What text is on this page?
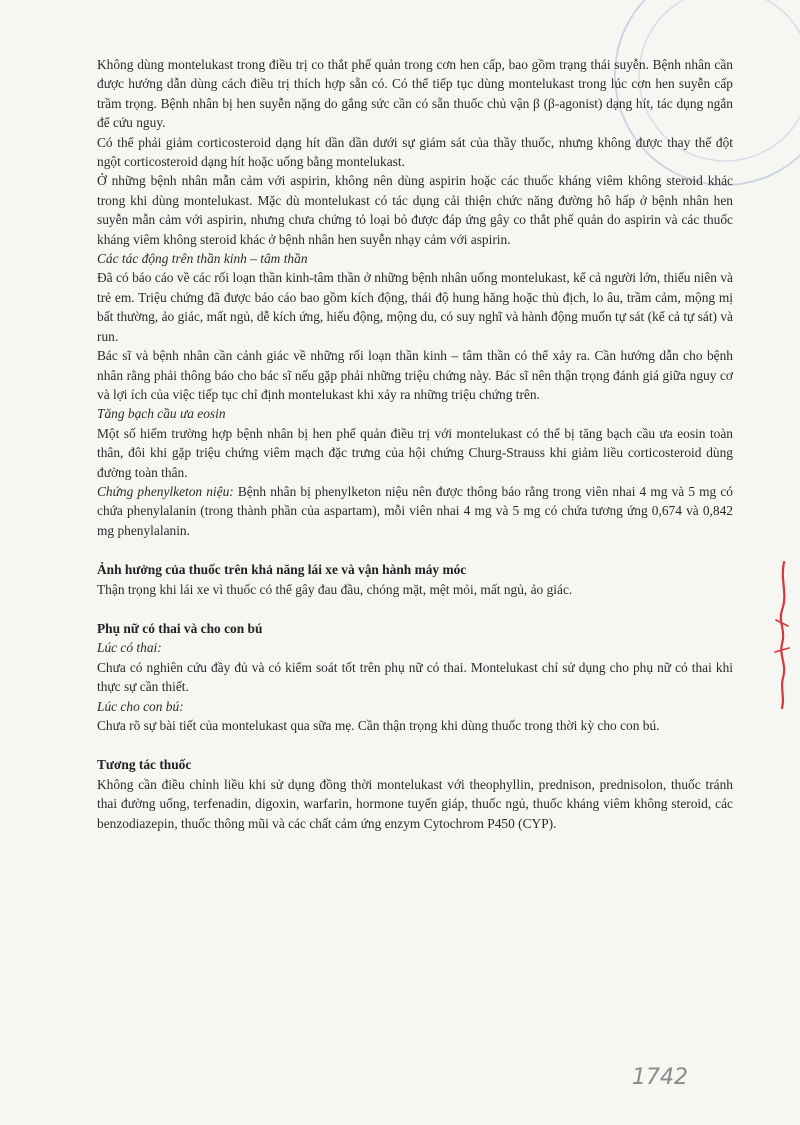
Không dùng montelukast trong điều trị co thắt phế quản trong cơn hen cấp, bao gồm trạng thái suyễn. Bệnh nhân cần được hướng dẫn dùng cách điều trị thích hợp sẵn có. Có thể tiếp tục dùng montelukast trong lúc cơn hen suyễn cấp trầm trọng. Bệnh nhân bị hen suyễn nặng do gắng sức cần có sẵn thuốc chủ vận β (β-agonist) dạng hít, tác dụng ngắn để cứu nguy.

Có thể phải giảm corticosteroid dạng hít dần dần dưới sự giám sát của thầy thuốc, nhưng không được thay thế đột ngột corticosteroid dạng hít hoặc uống bằng montelukast.

Ở những bệnh nhân mẫn cảm với aspirin, không nên dùng aspirin hoặc các thuốc kháng viêm không steroid khác trong khi dùng montelukast. Mặc dù montelukast có tác dụng cải thiện chức năng đường hô hấp ở bệnh nhân hen suyễn mẫn cảm với aspirin, nhưng chưa chứng tỏ loại bỏ được đáp ứng gây co thắt phế quản do aspirin và các thuốc kháng viêm không steroid khác ở bệnh nhân hen suyễn nhạy cảm với aspirin.

Các tác động trên thần kinh – tâm thần

Đã có báo cáo về các rối loạn thần kinh-tâm thần ở những bệnh nhân uống montelukast, kể cả người lớn, thiếu niên và trẻ em. Triệu chứng đã được báo cáo bao gồm kích động, thái độ hung hăng hoặc thù địch, lo âu, trầm cảm, mộng mị bất thường, ảo giác, mất ngủ, dễ kích ứng, hiếu động, mộng du, có suy nghĩ và hành động muốn tự sát (kể cả tự sát) và run.

Bác sĩ và bệnh nhân cần cảnh giác về những rối loạn thần kinh – tâm thần có thể xảy ra. Cần hướng dẫn cho bệnh nhân rằng phải thông báo cho bác sĩ nếu gặp phải những triệu chứng này. Bác sĩ nên thận trọng đánh giá giữa nguy cơ và lợi ích của việc tiếp tục chỉ định montelukast khi xảy ra những triệu chứng trên.

Tăng bạch cầu ưa eosin

Một số hiếm trường hợp bệnh nhân bị hen phế quản điều trị với montelukast có thể bị tăng bạch cầu ưa eosin toàn thân, đôi khi gặp triệu chứng viêm mạch đặc trưng của hội chứng Churg-Strauss khi giảm liều corticosteroid dùng đường toàn thân.

Chứng phenylketon niệu: Bệnh nhân bị phenylketon niệu nên được thông báo rằng trong viên nhai 4 mg và 5 mg có chứa phenylalanin (trong thành phần của aspartam), mỗi viên nhai 4 mg và 5 mg có chứa tương ứng 0,674 và 0,842 mg phenylalanin.

Ảnh hưởng của thuốc trên khả năng lái xe và vận hành máy móc

Thận trọng khi lái xe vì thuốc có thể gây đau đầu, chóng mặt, mệt mỏi, mất ngủ, ảo giác.

Phụ nữ có thai và cho con bú

Lúc có thai:

Chưa có nghiên cứu đầy đủ và có kiểm soát tốt trên phụ nữ có thai. Montelukast chỉ sử dụng cho phụ nữ có thai khi thực sự cần thiết.

Lúc cho con bú:

Chưa rõ sự bài tiết của montelukast qua sữa mẹ. Cần thận trọng khi dùng thuốc trong thời kỳ cho con bú.

Tương tác thuốc

Không cần điều chỉnh liều khi sử dụng đồng thời montelukast với theophyllin, prednison, prednisolon, thuốc tránh thai đường uống, terfenadin, digoxin, warfarin, hormone tuyến giáp, thuốc ngủ, thuốc kháng viêm không steroid, các benzodiazepin, thuốc thông mũi và các chất cảm ứng enzym Cytochrom P450 (CYP).

1742
